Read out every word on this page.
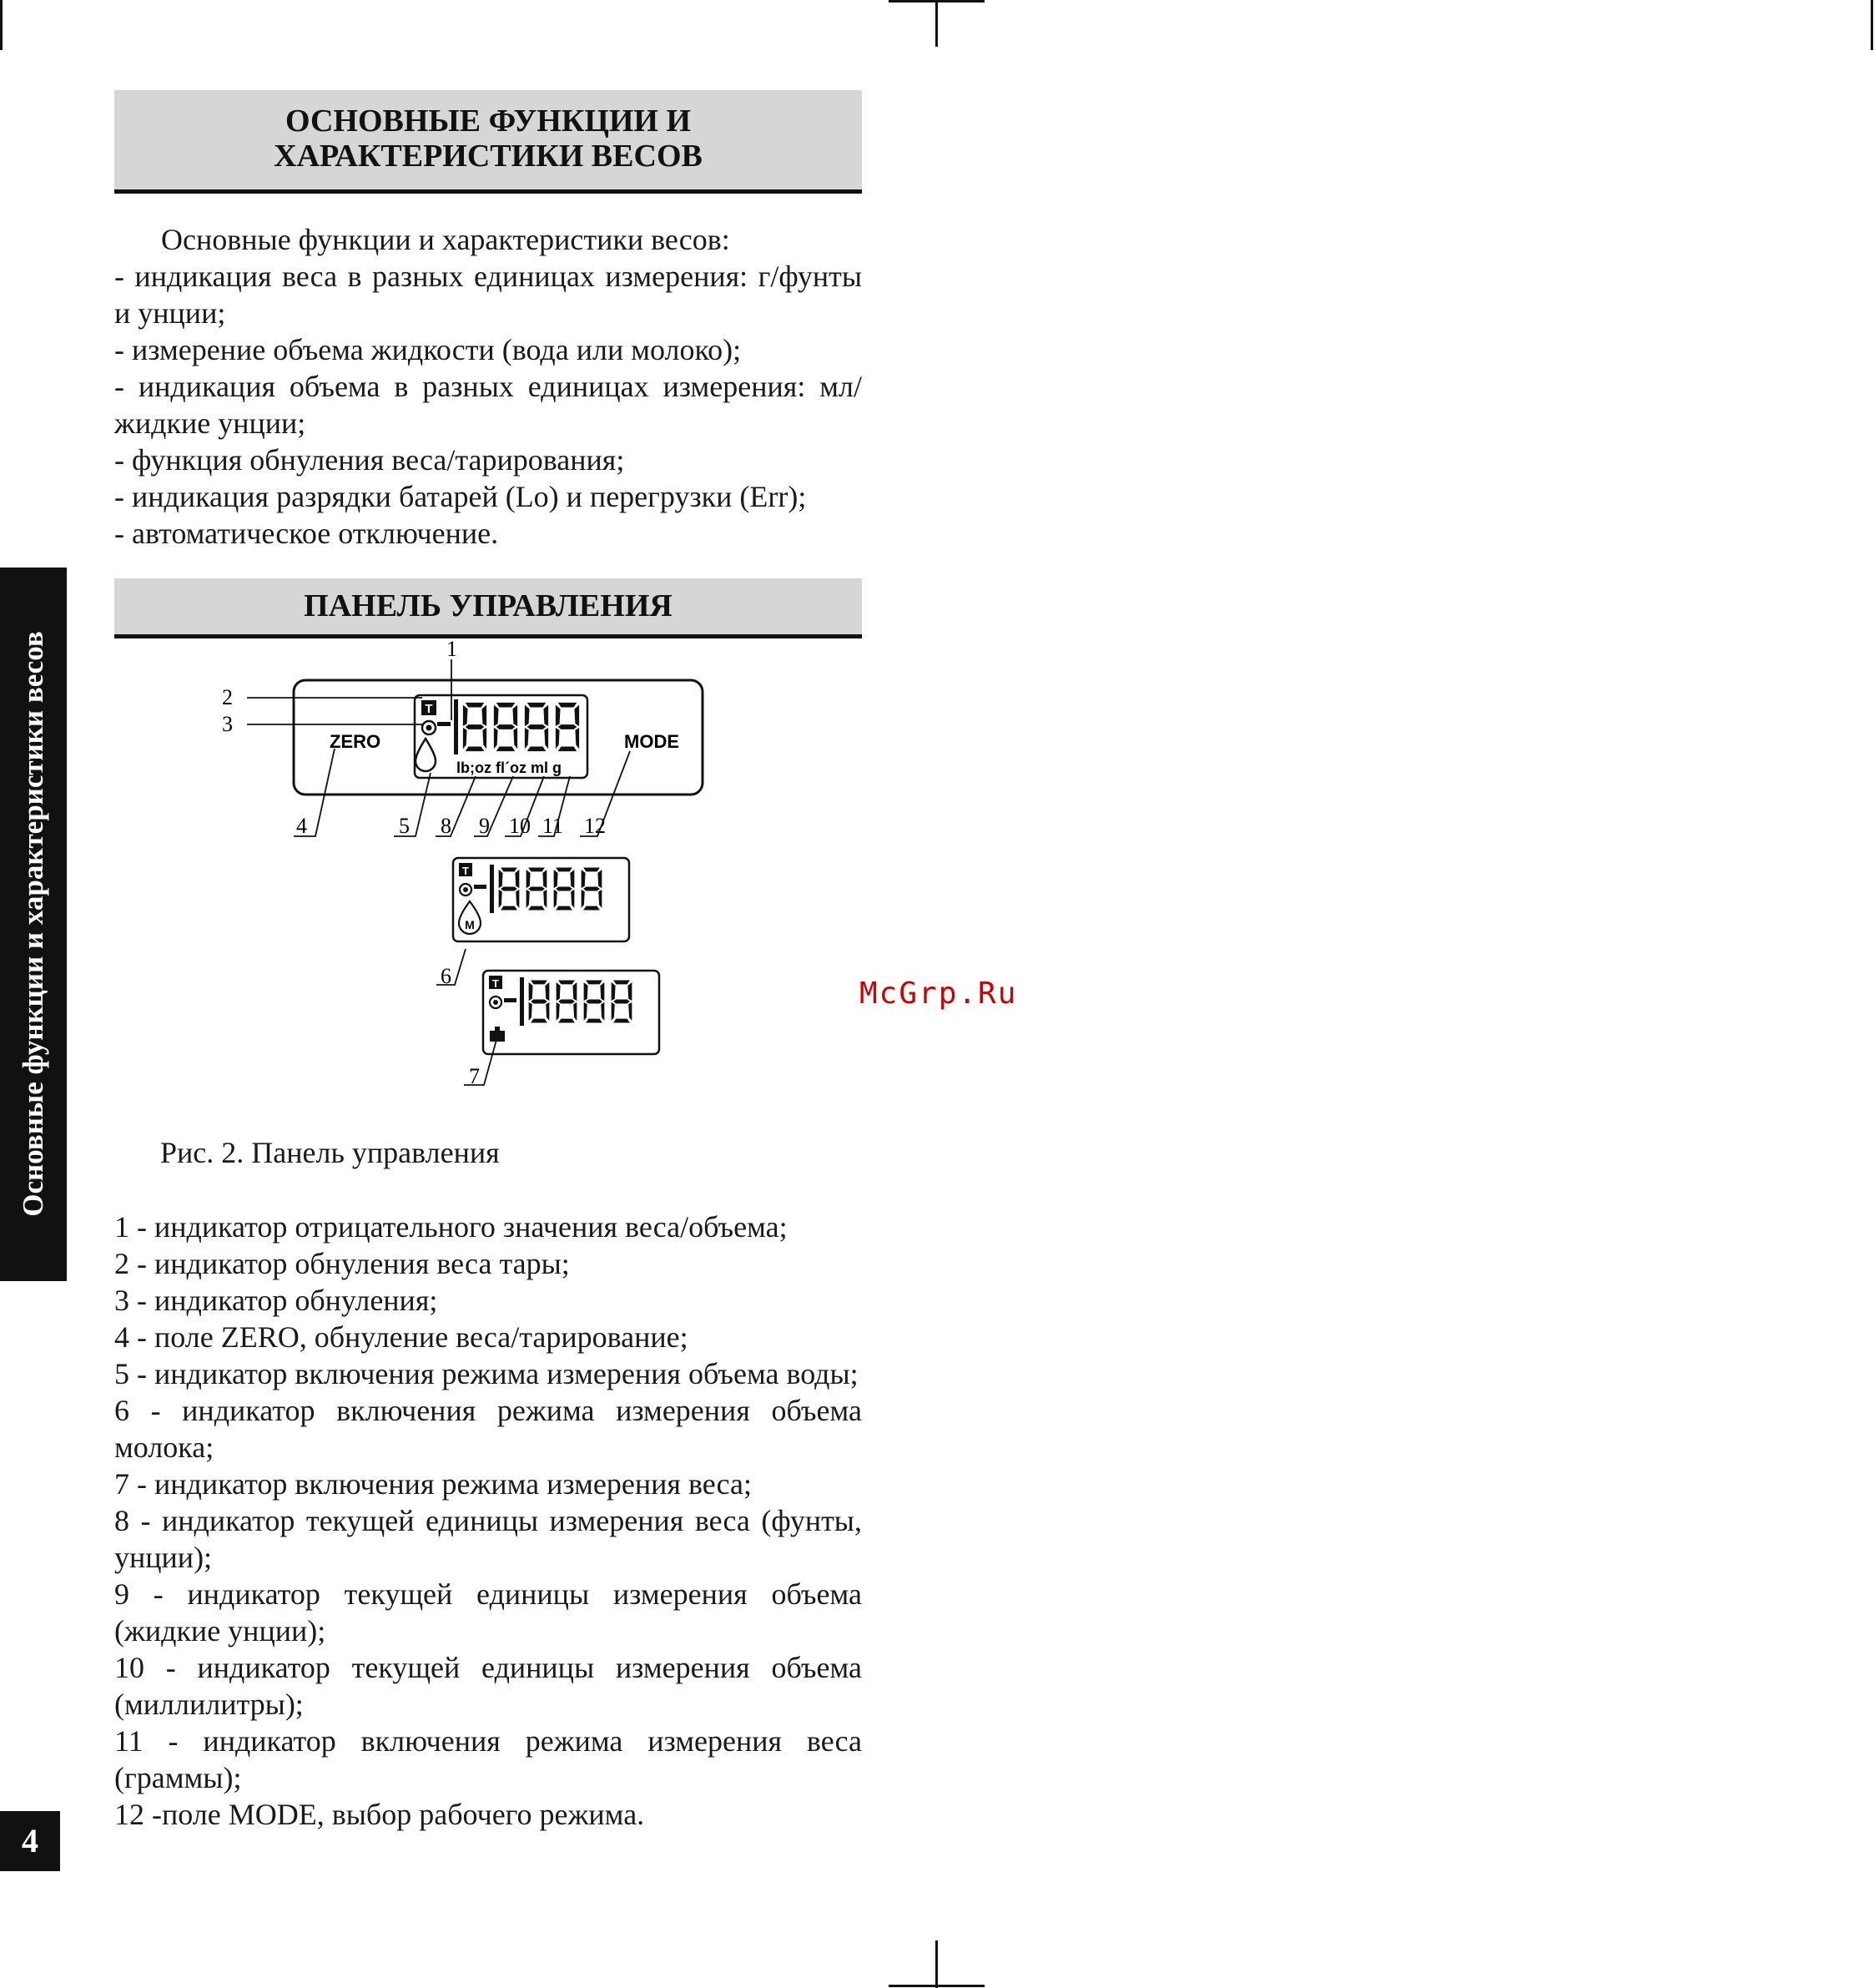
ОСНОВНЫЕ ФУНКЦИИ И
ХАРАКТЕРИСТИКИ ВЕСОВ
Основные функции и характеристики весов:
- индикация веса в разных единицах измерения: г/фунты и унции;
- измерение объема жидкости (вода или молоко);
- индикация объема в разных единицах измерения: мл/жидкие унции;
- функция обнуления веса/тарирования;
- индикация разрядки батарей (Lo) и перегрузки (Err);
- автоматическое отключение.
ПАНЕЛЬ УПРАВЛЕНИЯ
Основные функции и характеристики весов	1
2
3
4	5 8 9 10 11 12
6
7
ZERO	MODE
T
lb;oz fl´oz ml g
T
M
T	McGrp.Ru
Рис. 2. Панель управления
1 - индикатор отрицательного значения веса/объема;
2 - индикатор обнуления веса тары;
3 - индикатор обнуления;
4 - поле ZERO, обнуление веса/тарирование;
5 - индикатор включения режима измерения объема воды;
6 - индикатор включения режима измерения объема молока;
7 - индикатор включения режима измерения веса;
8 - индикатор текущей единицы измерения веса (фунты, унции);
9 - индикатор текущей единицы измерения объема (жидкие унции);
10 - индикатор текущей единицы измерения объема (миллилитры);
11 - индикатор включения режима измерения веса (граммы);
12 -поле MODE, выбор рабочего режима.
4
